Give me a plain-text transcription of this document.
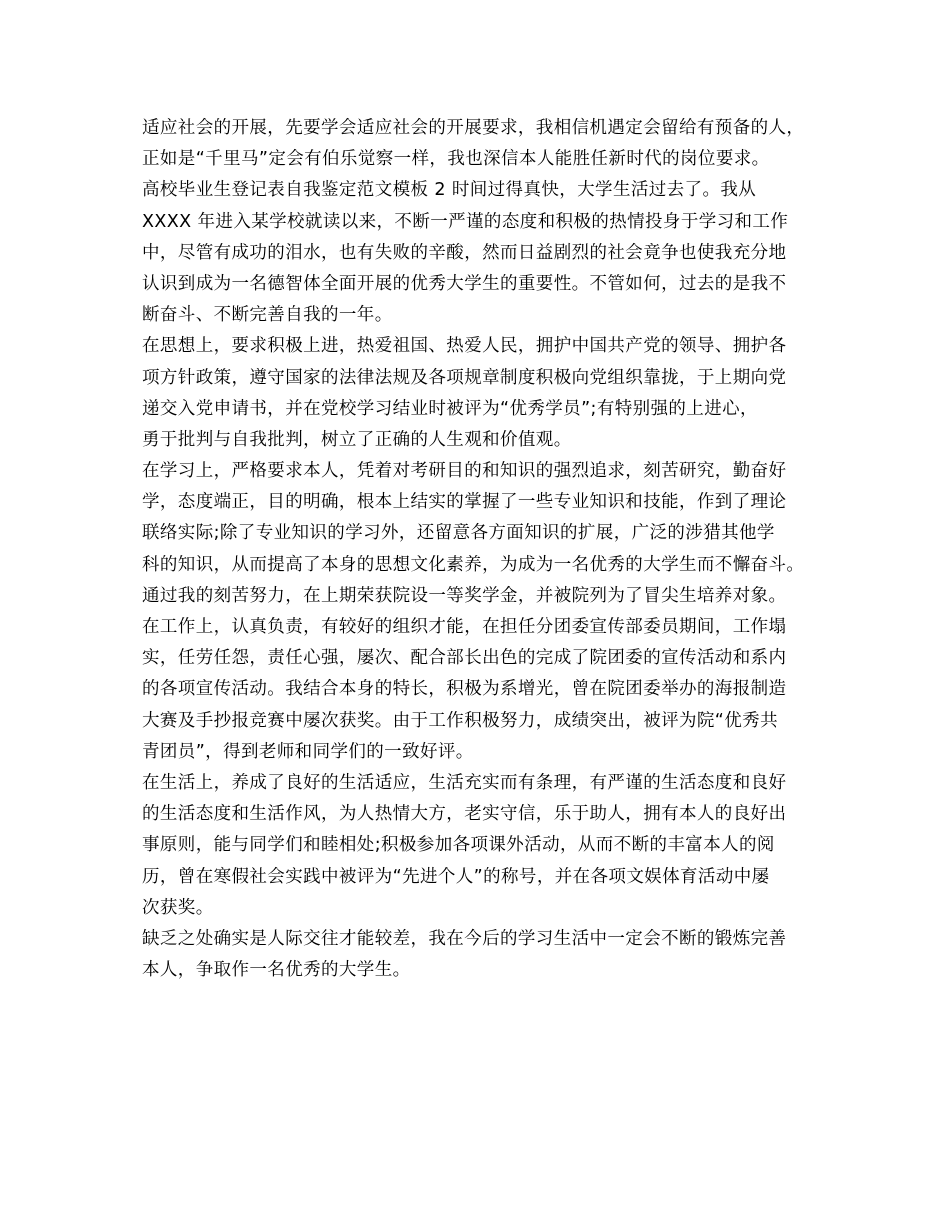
适应社会的开展，先要学会适应社会的开展要求，我相信机遇定会留给有预备的人，
正如是“千里马”定会有伯乐觉察一样，我也深信本人能胜任新时代的岗位要求。
高校毕业生登记表自我鉴定范文模板 2 时间过得真快，大学生活过去了。我从
XXXX 年进入某学校就读以来，不断一严谨的态度和积极的热情投身于学习和工作
中，尽管有成功的泪水，也有失败的辛酸，然而日益剧烈的社会竟争也使我充分地
认识到成为一名德智体全面开展的优秀大学生的重要性。不管如何，过去的是我不
断奋斗、不断完善自我的一年。
在思想上，要求积极上进，热爱祖国、热爱人民，拥护中国共产党的领导、拥护各
项方针政策，遵守国家的法律法规及各项规章制度积极向党组织靠拢，于上期向党
递交入党申请书，并在党校学习结业时被评为“优秀学员”;有特别强的上进心，
勇于批判与自我批判，树立了正确的人生观和价值观。
在学习上，严格要求本人，凭着对考研目的和知识的强烈追求，刻苦研究，勤奋好
学，态度端正，目的明确，根本上结实的掌握了一些专业知识和技能，作到了理论
联络实际;除了专业知识的学习外，还留意各方面知识的扩展，广泛的涉猎其他学
科的知识，从而提高了本身的思想文化素养，为成为一名优秀的大学生而不懈奋斗。
通过我的刻苦努力，在上期荣获院设一等奖学金，并被院列为了冒尖生培养对象。
在工作上，认真负责，有较好的组织才能，在担任分团委宣传部委员期间，工作塌
实，任劳任怨，责任心强，屡次、配合部长出色的完成了院团委的宣传活动和系内
的各项宣传活动。我结合本身的特长，积极为系增光，曾在院团委举办的海报制造
大赛及手抄报竞赛中屡次获奖。由于工作积极努力，成绩突出，被评为院“优秀共
青团员”，得到老师和同学们的一致好评。
在生活上，养成了良好的生活适应，生活充实而有条理，有严谨的生活态度和良好
的生活态度和生活作风，为人热情大方，老实守信，乐于助人，拥有本人的良好出
事原则，能与同学们和睦相处;积极参加各项课外活动，从而不断的丰富本人的阅
历，曾在寒假社会实践中被评为“先进个人”的称号，并在各项文娱体育活动中屡
次获奖。
缺乏之处确实是人际交往才能较差，我在今后的学习生活中一定会不断的锻炼完善
本人，争取作一名优秀的大学生。
